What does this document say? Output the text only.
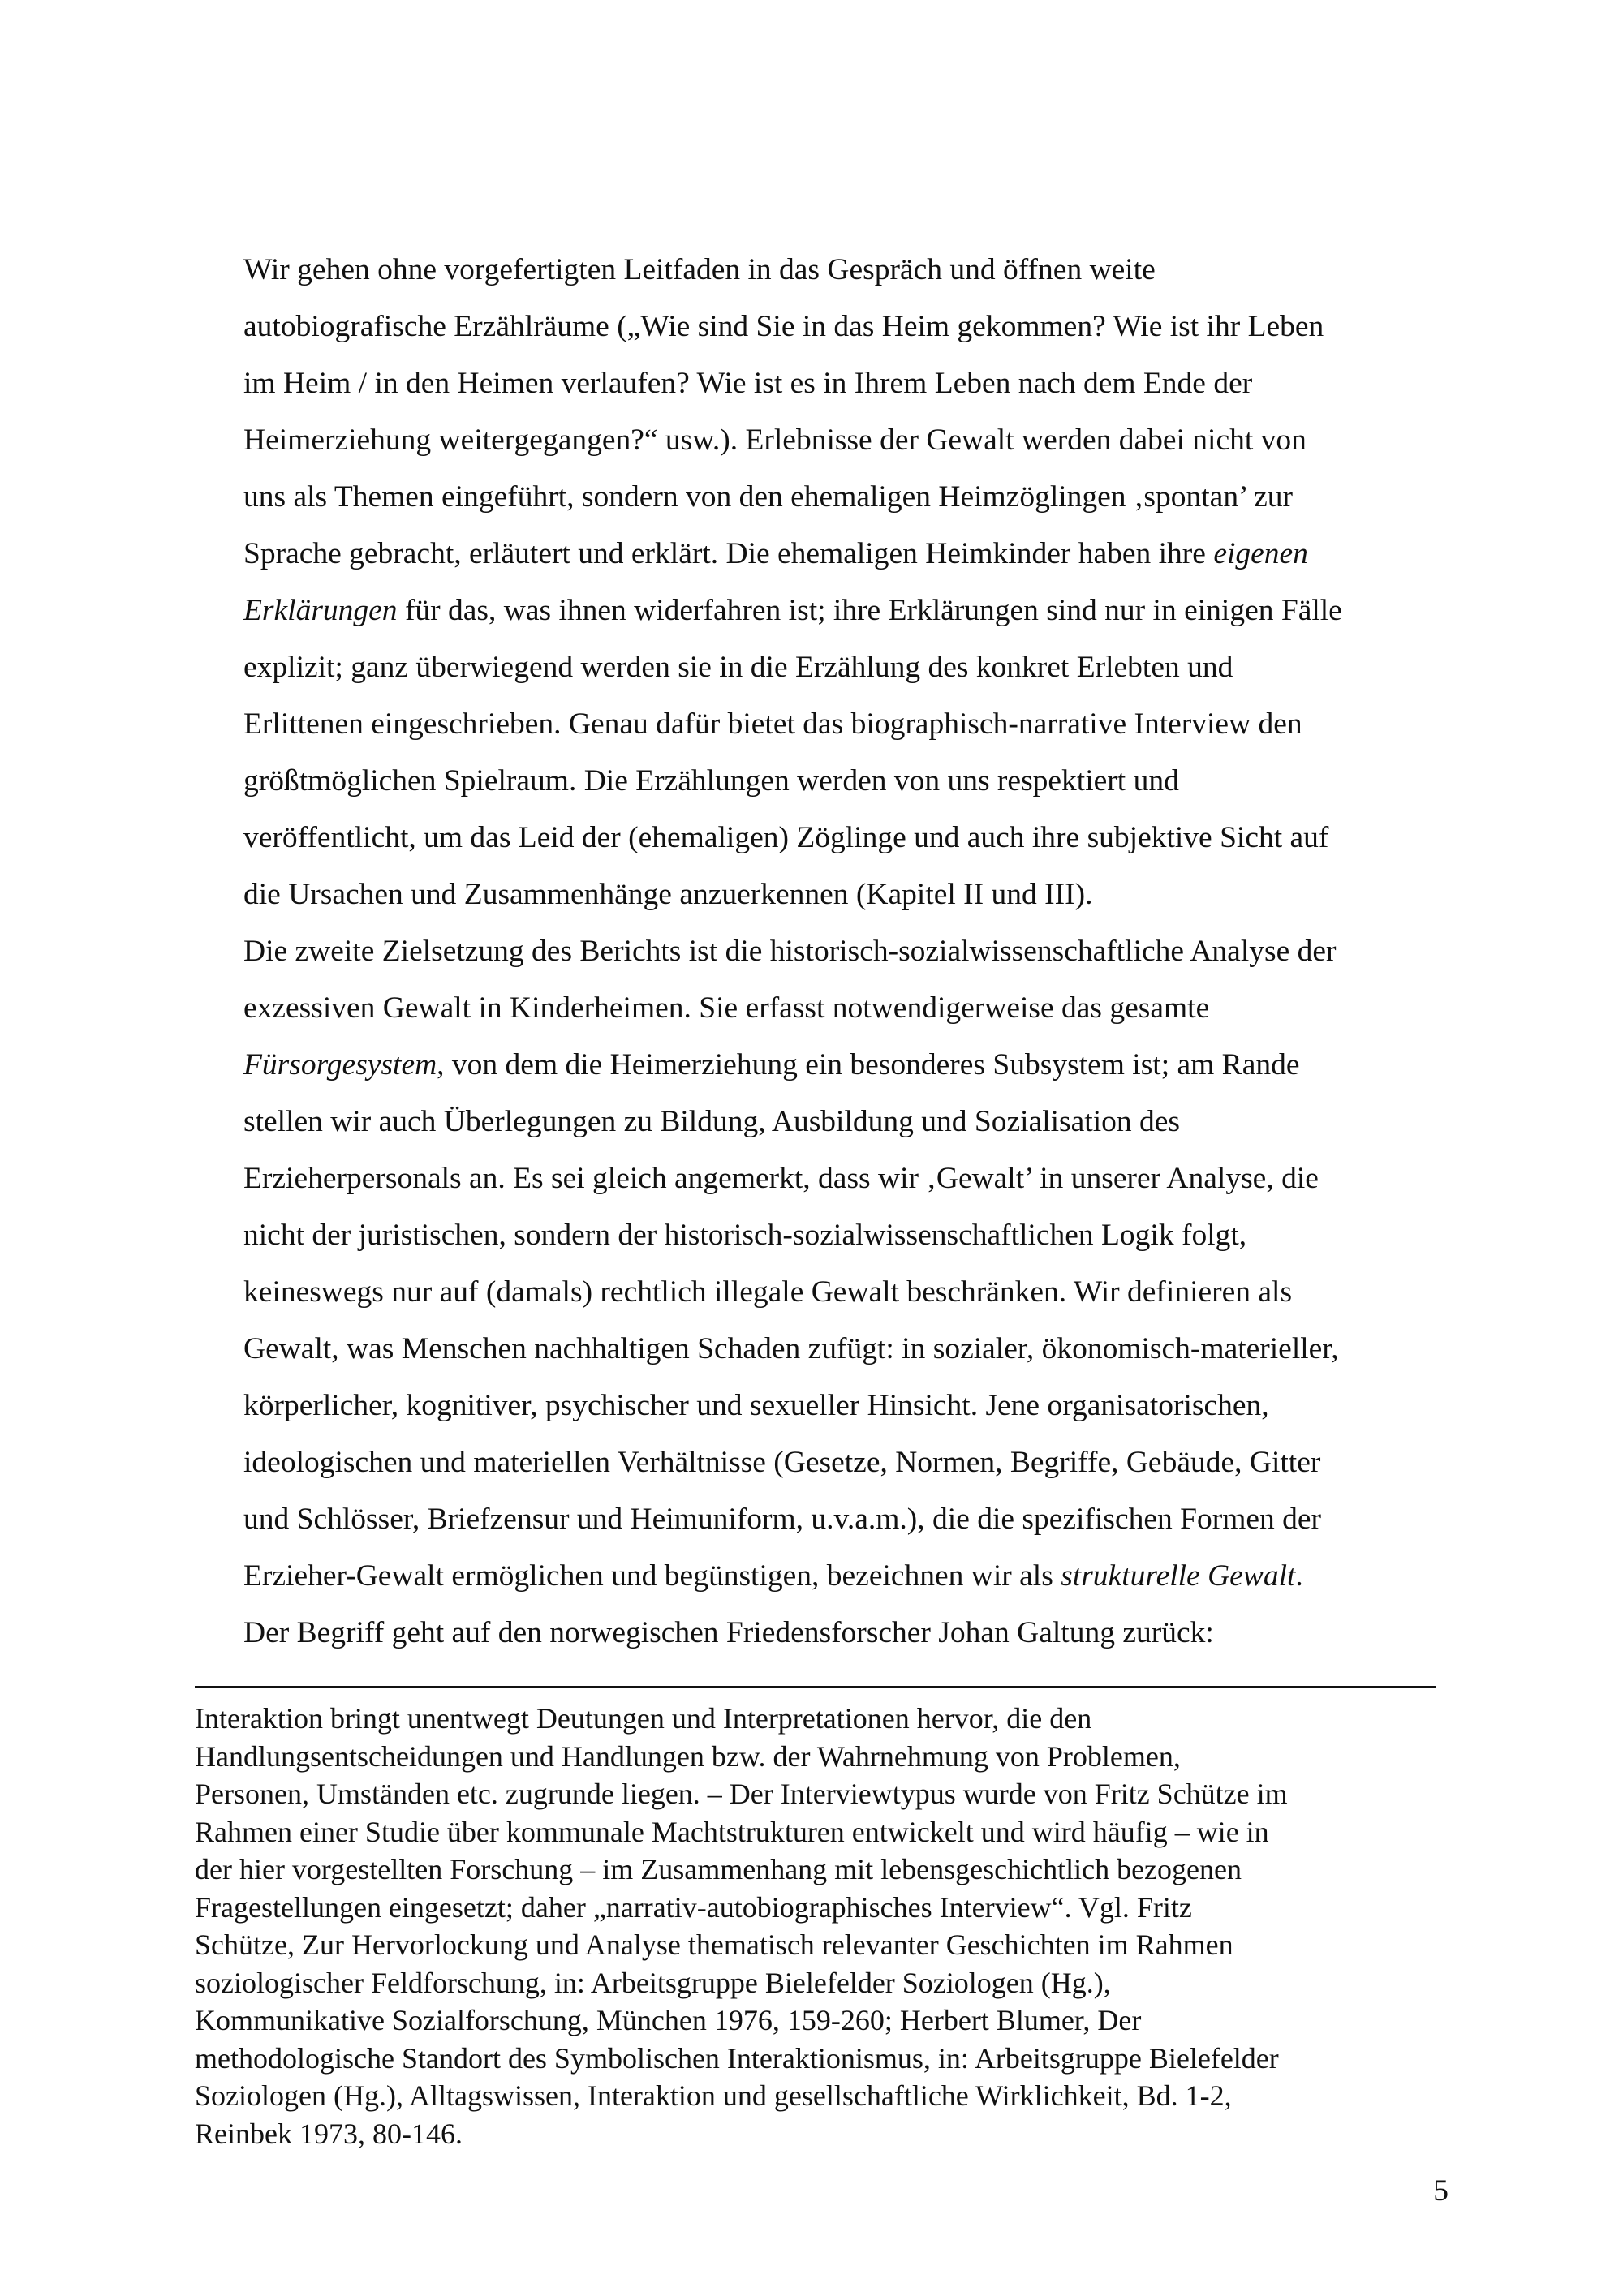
Wir gehen ohne vorgefertigten Leitfaden in das Gespräch und öffnen weite
autobiografische Erzählräume („Wie sind Sie in das Heim gekommen? Wie ist ihr Leben
im Heim / in den Heimen verlaufen? Wie ist es in Ihrem Leben nach dem Ende der
Heimerziehung weitergegangen?“ usw.). Erlebnisse der Gewalt werden dabei nicht von
uns als Themen eingeführt, sondern von den ehemaligen Heimzöglingen ‚spontan’ zur
Sprache gebracht, erläutert und erklärt. Die ehemaligen Heimkinder haben ihre eigenen
Erklärungen für das, was ihnen widerfahren ist; ihre Erklärungen sind nur in einigen Fälle
explizit; ganz überwiegend werden sie in die Erzählung des konkret Erlebten und
Erlittenen eingeschrieben. Genau dafür bietet das biographisch-narrative Interview den
größtmöglichen Spielraum. Die Erzählungen werden von uns respektiert und
veröffentlicht, um das Leid der (ehemaligen) Zöglinge und auch ihre subjektive Sicht auf
die Ursachen und Zusammenhänge anzuerkennen (Kapitel II und III).
Die zweite Zielsetzung des Berichts ist die historisch-sozialwissenschaftliche Analyse der
exzessiven Gewalt in Kinderheimen. Sie erfasst notwendigerweise das gesamte
Fürsorgesystem, von dem die Heimerziehung ein besonderes Subsystem ist; am Rande
stellen wir auch Überlegungen zu Bildung, Ausbildung und Sozialisation des
Erzieherpersonals an. Es sei gleich angemerkt, dass wir ‚Gewalt’ in unserer Analyse, die
nicht der juristischen, sondern der historisch-sozialwissenschaftlichen Logik folgt,
keineswegs nur auf (damals) rechtlich illegale Gewalt beschränken. Wir definieren als
Gewalt, was Menschen nachhaltigen Schaden zufügt: in sozialer, ökonomisch-materieller,
körperlicher, kognitiver, psychischer und sexueller Hinsicht. Jene organisatorischen,
ideologischen und materiellen Verhältnisse (Gesetze, Normen, Begriffe, Gebäude, Gitter
und Schlösser, Briefzensur und Heimuniform, u.v.a.m.), die die spezifischen Formen der
Erzieher-Gewalt ermöglichen und begünstigen, bezeichnen wir als strukturelle Gewalt.
Der Begriff geht auf den norwegischen Friedensforscher Johan Galtung zurück:
Interaktion bringt unentwegt Deutungen und Interpretationen hervor, die den
Handlungsentscheidungen und Handlungen bzw. der Wahrnehmung von Problemen,
Personen, Umständen etc. zugrunde liegen. – Der Interviewtypus wurde von Fritz Schütze im
Rahmen einer Studie über kommunale Machtstrukturen entwickelt und wird häufig – wie in
der hier vorgestellten Forschung – im Zusammenhang mit lebensgeschichtlich bezogenen
Fragestellungen eingesetzt; daher „narrativ-autobiographisches Interview“. Vgl. Fritz
Schütze, Zur Hervorlockung und Analyse thematisch relevanter Geschichten im Rahmen
soziologischer Feldforschung, in: Arbeitsgruppe Bielefelder Soziologen (Hg.),
Kommunikative Sozialforschung, München 1976, 159-260; Herbert Blumer, Der
methodologische Standort des Symbolischen Interaktionismus, in: Arbeitsgruppe Bielefelder
Soziologen (Hg.), Alltagswissen, Interaktion und gesellschaftliche Wirklichkeit, Bd. 1-2,
Reinbek 1973, 80-146.
5
